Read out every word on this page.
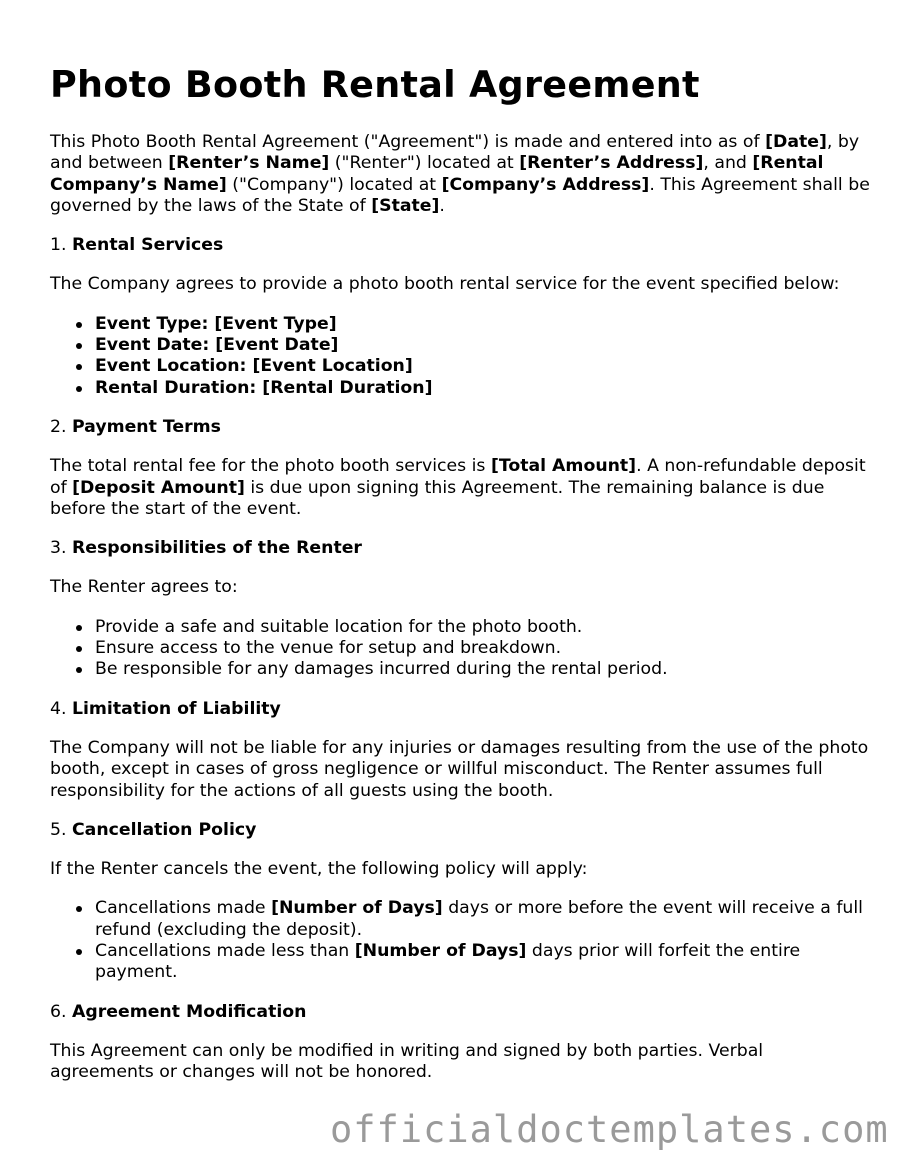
Photo Booth Rental Agreement

This Photo Booth Rental Agreement ("Agreement") is made and entered into as of [Date], by and between [Renter’s Name] ("Renter") located at [Renter’s Address], and [Rental Company’s Name] ("Company") located at [Company’s Address]. This Agreement shall be governed by the laws of the State of [State].

1. Rental Services

The Company agrees to provide a photo booth rental service for the event specified below:

Event Type: [Event Type]
Event Date: [Event Date]
Event Location: [Event Location]
Rental Duration: [Rental Duration]
2. Payment Terms

The total rental fee for the photo booth services is [Total Amount]. A non-refundable deposit of [Deposit Amount] is due upon signing this Agreement. The remaining balance is due before the start of the event.

3. Responsibilities of the Renter

The Renter agrees to:

Provide a safe and suitable location for the photo booth.
Ensure access to the venue for setup and breakdown.
Be responsible for any damages incurred during the rental period.
4. Limitation of Liability

The Company will not be liable for any injuries or damages resulting from the use of the photo booth, except in cases of gross negligence or willful misconduct. The Renter assumes full responsibility for the actions of all guests using the booth.

5. Cancellation Policy

If the Renter cancels the event, the following policy will apply:

Cancellations made [Number of Days] days or more before the event will receive a full refund (excluding the deposit).
Cancellations made less than [Number of Days] days prior will forfeit the entire payment.
6. Agreement Modification

This Agreement can only be modified in writing and signed by both parties. Verbal agreements or changes will not be honored.

officialdoctemplates.com
